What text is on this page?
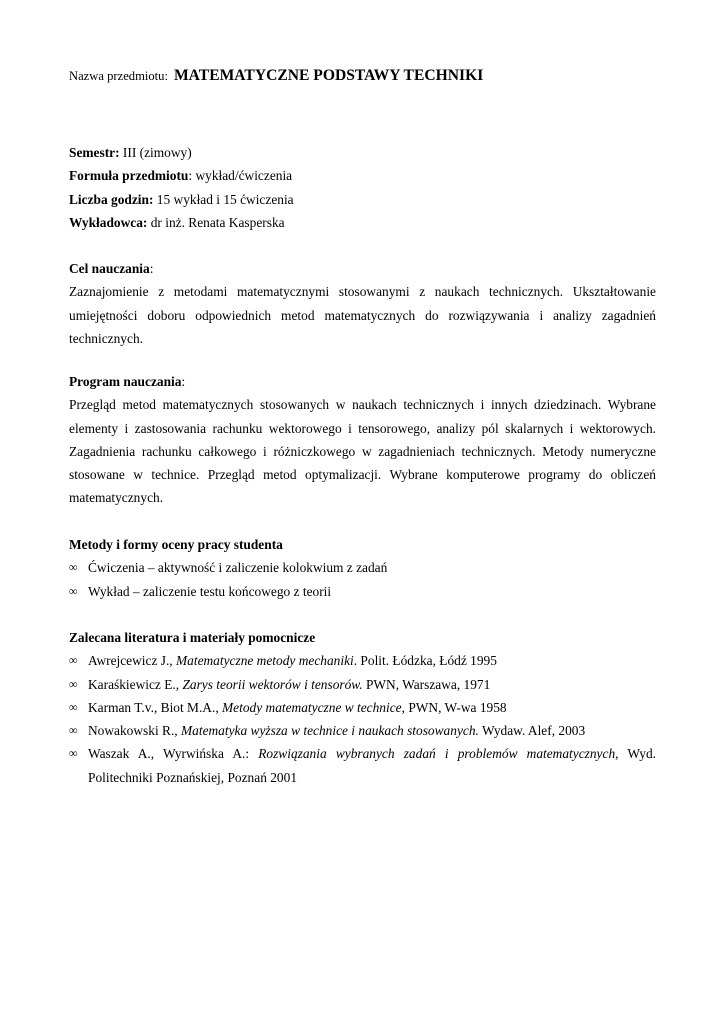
Nazwa przedmiotu: MATEMATYCZNE PODSTAWY TECHNIKI
Semestr: III (zimowy)
Formuła przedmiotu: wykład/ćwiczenia
Liczba godzin: 15 wykład i 15 ćwiczenia
Wykładowca: dr inż. Renata Kasperska
Cel nauczania:
Zaznajomienie z metodami matematycznymi stosowanymi z naukach technicznych. Ukształtowanie umiejętności doboru odpowiednich metod matematycznych do rozwiązywania i analizy zagadnień technicznych.
Program nauczania:
Przegląd metod matematycznych stosowanych w naukach technicznych i innych dziedzinach. Wybrane elementy i zastosowania rachunku wektorowego i tensorowego, analizy pól skalarnych i wektorowych. Zagadnienia rachunku całkowego i różniczkowego w zagadnieniach technicznych. Metody numeryczne stosowane w technice. Przegląd metod optymalizacji. Wybrane komputerowe programy do obliczeń matematycznych.
Metody i formy oceny pracy studenta
∞ Ćwiczenia – aktywność i zaliczenie kolokwium z zadań
∞ Wykład – zaliczenie testu końcowego z teorii
Zalecana literatura i materiały pomocnicze
∞ Awrejcewicz J., Matematyczne metody mechaniki. Polit. Łódzka, Łódź 1995
∞ Karaśkiewicz E., Zarys teorii wektorów i tensorów. PWN, Warszawa, 1971
∞ Karman T.v., Biot M.A., Metody matematyczne w technice, PWN, W-wa 1958
∞ Nowakowski R., Matematyka wyższa w technice i naukach stosowanych. Wydaw. Alef, 2003
∞ Waszak A., Wyrwińska A.: Rozwiązania wybranych zadań i problemów matematycznych, Wyd. Politechniki Poznańskiej, Poznań 2001
